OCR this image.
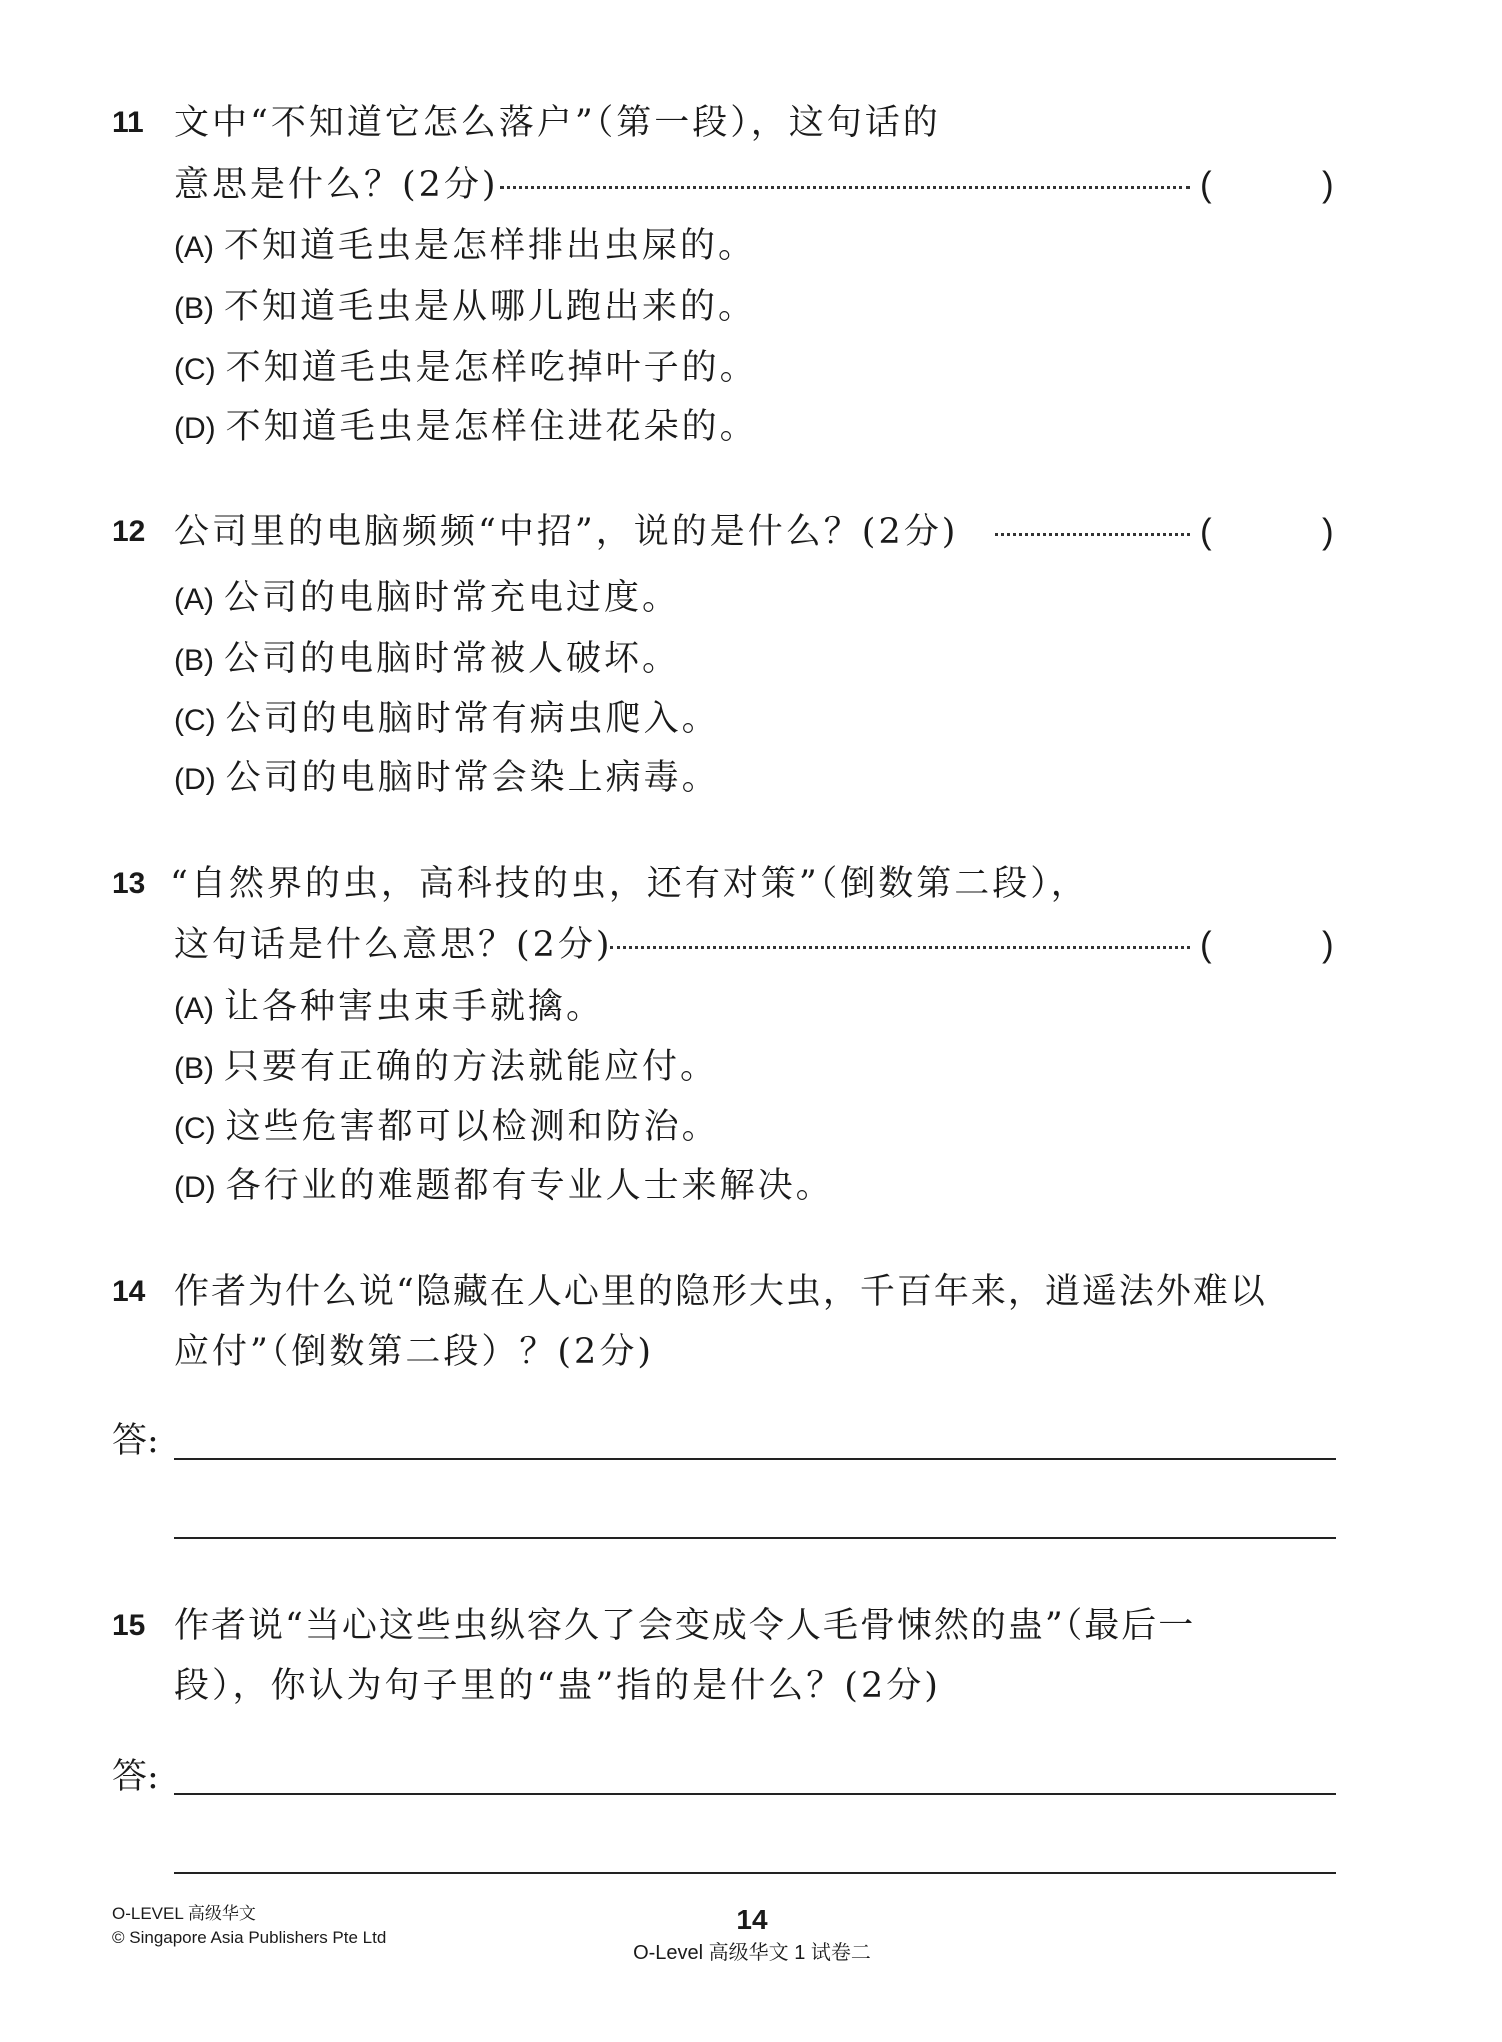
11 文中“不知道它怎么落户”（第一段），这句话的
意思是什么？(2分)	(	)
(A) 不知道毛虫是怎样排出虫屎的。
(B) 不知道毛虫是从哪儿跑出来的。
(C) 不知道毛虫是怎样吃掉叶子的。
(D) 不知道毛虫是怎样住进花朵的。
12 公司里的电脑频频“中招”，说的是什么？(2分)	(	)
(A) 公司的电脑时常充电过度。
(B) 公司的电脑时常被人破坏。
(C) 公司的电脑时常有病虫爬入。
(D) 公司的电脑时常会染上病毒。
13 “自然界的虫，高科技的虫，还有对策”（倒数第二段），
这句话是什么意思？(2分)	(	)
(A) 让各种害虫束手就擒。
(B) 只要有正确的方法就能应付。
(C) 这些危害都可以检测和防治。
(D) 各行业的难题都有专业人士来解决。
14 作者为什么说“隐藏在人心里的隐形大虫，千百年来，逍遥法外难以
应付”（倒数第二段）？(2分)
答:
15 作者说“当心这些虫纵容久了会变成令人毛骨悚然的蛊”（最后一
段），你认为句子里的“蛊”指的是什么？(2分)
答:
O-LEVEL 高级华文
© Singapore Asia Publishers Pte Ltd
14
O-Level 高级华文 1 试卷二
